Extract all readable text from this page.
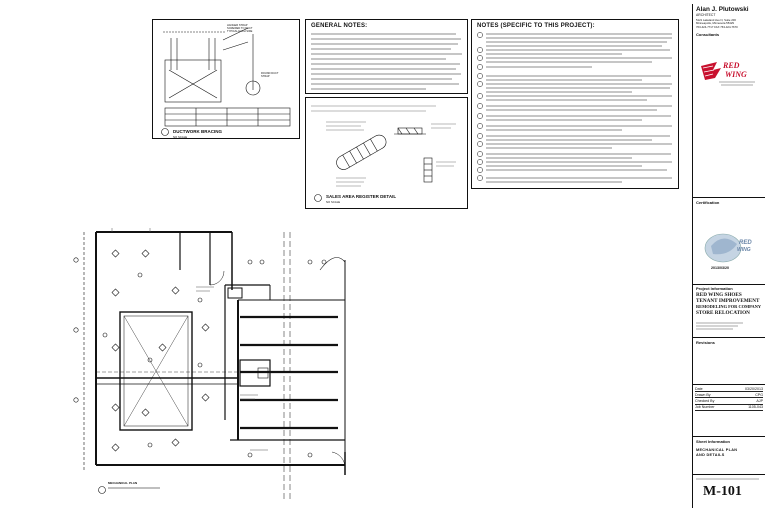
HANGER STRAP
SCREWED TO DUCT
TYPICAL EACH SIDE
ROUND DUCT
STRAP
DUCTWORK BRACING
NO SCALE
GENERAL NOTES:
SALES AREA REGISTER DETAIL
NO SCALE
NOTES (SPECIFIC TO THIS PROJECT):
MECHANICAL PLAN
Alan J. Plutowski
ARCHITECT
5121 Lakeland Ave N, Suite 200
Minneapolis, Minnesota 55429
763-424-7717 FAX 763-424-7670
Consultants
RED
WING
Certification
RED
WING
2013/03/20
Project Information
RED WING SHOES
TENANT IMPROVEMENT
REMODELING FOR COMPANY
STORE RELOCATION
Revisions
Date	03/20/2013
Drawn By	CPG
Checked By	AJP
Job Number	1105-043
Sheet Information
MECHANICAL PLAN
AND DETAILS
M-101
